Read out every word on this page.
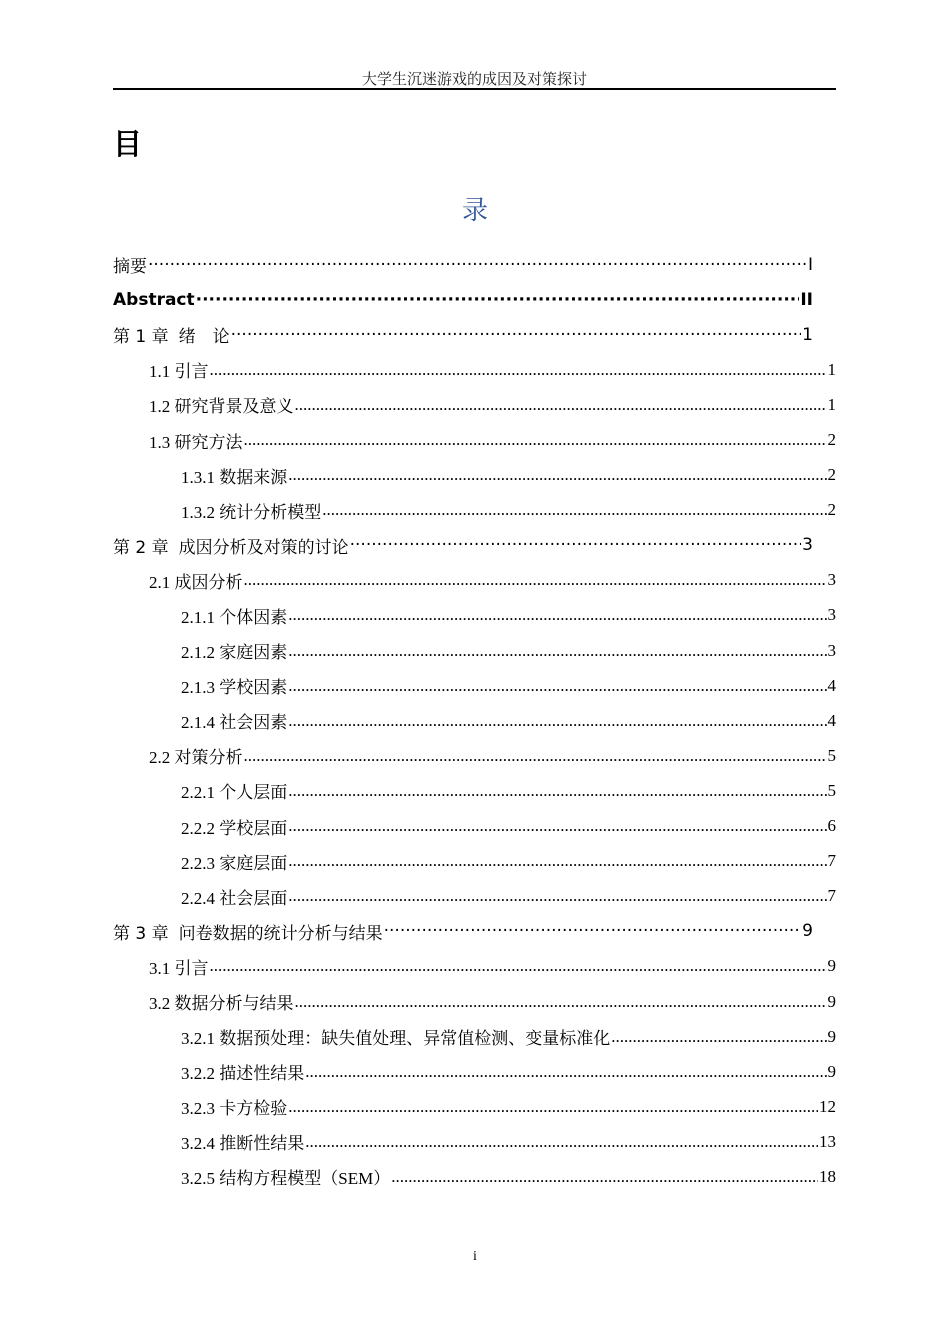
大学生沉迷游戏的成因及对策探讨
目
录
摘要 ·····	I
Abstract ·····	II
第 1 章 绪　论 ·····	1
1.1 引言 .....	1
1.2 研究背景及意义 .....	1
1.3 研究方法 .....	2
1.3.1 数据来源 .....	2
1.3.2 统计分析模型 .....	2
第 2 章 成因分析及对策的讨论 ·····	3
2.1 成因分析 .....	3
2.1.1 个体因素 .....	3
2.1.2 家庭因素 .....	3
2.1.3 学校因素 .....	4
2.1.4 社会因素 .....	4
2.2 对策分析 .....	5
2.2.1 个人层面 .....	5
2.2.2 学校层面 .....	6
2.2.3 家庭层面 .....	7
2.2.4 社会层面 .....	7
第 3 章 问卷数据的统计分析与结果 ·····	9
3.1 引言 .....	9
3.2 数据分析与结果 .....	9
3.2.1 数据预处理：缺失值处理、异常值检测、变量标准化 .....	9
3.2.2 描述性结果 .....	9
3.2.3 卡方检验 .....	12
3.2.4 推断性结果 .....	13
3.2.5 结构方程模型（SEM） .....	18
i
